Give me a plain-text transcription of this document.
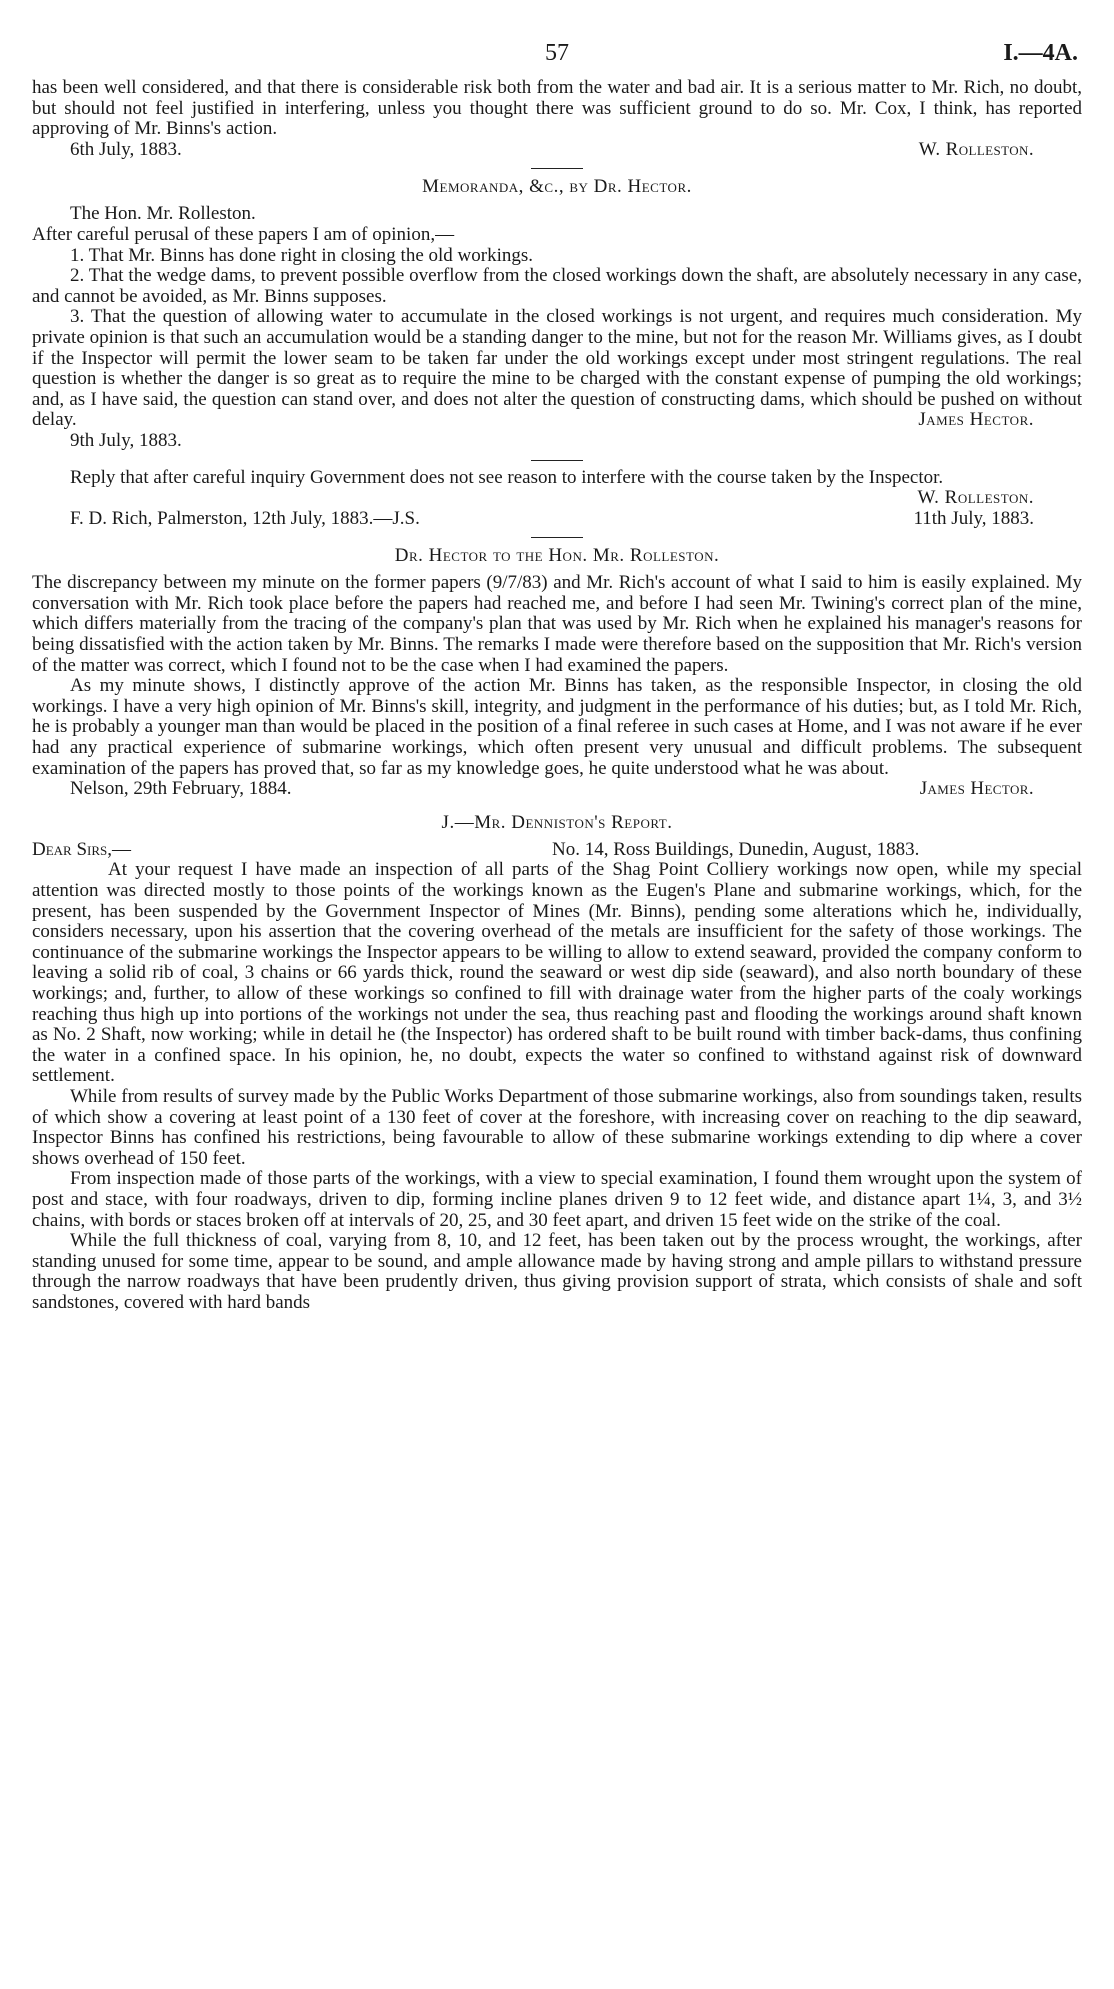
57	I.—4A.

has been well considered, and that there is considerable risk both from the water and bad air. It is a serious matter to Mr. Rich, no doubt, but should not feel justified in interfering, unless you thought there was sufficient ground to do so. Mr. Cox, I think, has reported approving of Mr. Binns's action.

6th July, 1883.	W. Rolleston.
Memoranda, &c., by Dr. Hector.

The Hon. Mr. Rolleston.

After careful perusal of these papers I am of opinion,—

1. That Mr. Binns has done right in closing the old workings.

2. That the wedge dams, to prevent possible overflow from the closed workings down the shaft, are absolutely necessary in any case, and cannot be avoided, as Mr. Binns supposes.

3. That the question of allowing water to accumulate in the closed workings is not urgent, and requires much consideration. My private opinion is that such an accumulation would be a standing danger to the mine, but not for the reason Mr. Williams gives, as I doubt if the Inspector will permit the lower seam to be taken far under the old workings except under most stringent regulations. The real question is whether the danger is so great as to require the mine to be charged with the constant expense of pumping the old workings; and, as I have said, the question can stand over, and does not alter the question of constructing dams, which should be pushed on without delay.	James Hector.

9th July, 1883.

Reply that after careful inquiry Government does not see reason to interfere with the course taken by the Inspector.
W. Rolleston.

F. D. Rich, Palmerston, 12th July, 1883.—J.S.	11th July, 1883.
Dr. Hector to the Hon. Mr. Rolleston.

The discrepancy between my minute on the former papers (9/7/83) and Mr. Rich's account of what I said to him is easily explained. My conversation with Mr. Rich took place before the papers had reached me, and before I had seen Mr. Twining's correct plan of the mine, which differs materially from the tracing of the company's plan that was used by Mr. Rich when he explained his manager's reasons for being dissatisfied with the action taken by Mr. Binns. The remarks I made were therefore based on the supposition that Mr. Rich's version of the matter was correct, which I found not to be the case when I had examined the papers.

As my minute shows, I distinctly approve of the action Mr. Binns has taken, as the responsible Inspector, in closing the old workings. I have a very high opinion of Mr. Binns's skill, integrity, and judgment in the performance of his duties; but, as I told Mr. Rich, he is probably a younger man than would be placed in the position of a final referee in such cases at Home, and I was not aware if he ever had any practical experience of submarine workings, which often present very unusual and difficult problems. The subsequent examination of the papers has proved that, so far as my knowledge goes, he quite understood what he was about.

Nelson, 29th February, 1884.	James Hector.
J.—Mr. Denniston's Report.
Dear Sirs,—	No. 14, Ross Buildings, Dunedin, August, 1883.

At your request I have made an inspection of all parts of the Shag Point Colliery workings now open, while my special attention was directed mostly to those points of the workings known as the Eugen's Plane and submarine workings, which, for the present, has been suspended by the Government Inspector of Mines (Mr. Binns), pending some alterations which he, individually, considers necessary, upon his assertion that the covering overhead of the metals are insufficient for the safety of those workings. The continuance of the submarine workings the Inspector appears to be willing to allow to extend seaward, provided the company conform to leaving a solid rib of coal, 3 chains or 66 yards thick, round the seaward or west dip side (seaward), and also north boundary of these workings; and, further, to allow of these workings so confined to fill with drainage water from the higher parts of the coaly workings reaching thus high up into portions of the workings not under the sea, thus reaching past and flooding the workings around shaft known as No. 2 Shaft, now working; while in detail he (the Inspector) has ordered shaft to be built round with timber back-dams, thus confining the water in a confined space. In his opinion, he, no doubt, expects the water so confined to withstand against risk of downward settlement.

While from results of survey made by the Public Works Department of those submarine workings, also from soundings taken, results of which show a covering at least point of a 130 feet of cover at the foreshore, with increasing cover on reaching to the dip seaward, Inspector Binns has confined his restrictions, being favourable to allow of these submarine workings extending to dip where a cover shows overhead of 150 feet.

From inspection made of those parts of the workings, with a view to special examination, I found them wrought upon the system of post and stace, with four roadways, driven to dip, forming incline planes driven 9 to 12 feet wide, and distance apart 1¼, 3, and 3½ chains, with bords or staces broken off at intervals of 20, 25, and 30 feet apart, and driven 15 feet wide on the strike of the coal.

While the full thickness of coal, varying from 8, 10, and 12 feet, has been taken out by the process wrought, the workings, after standing unused for some time, appear to be sound, and ample allowance made by having strong and ample pillars to withstand pressure through the narrow roadways that have been prudently driven, thus giving provision support of strata, which consists of shale and soft sandstones, covered with hard bands
